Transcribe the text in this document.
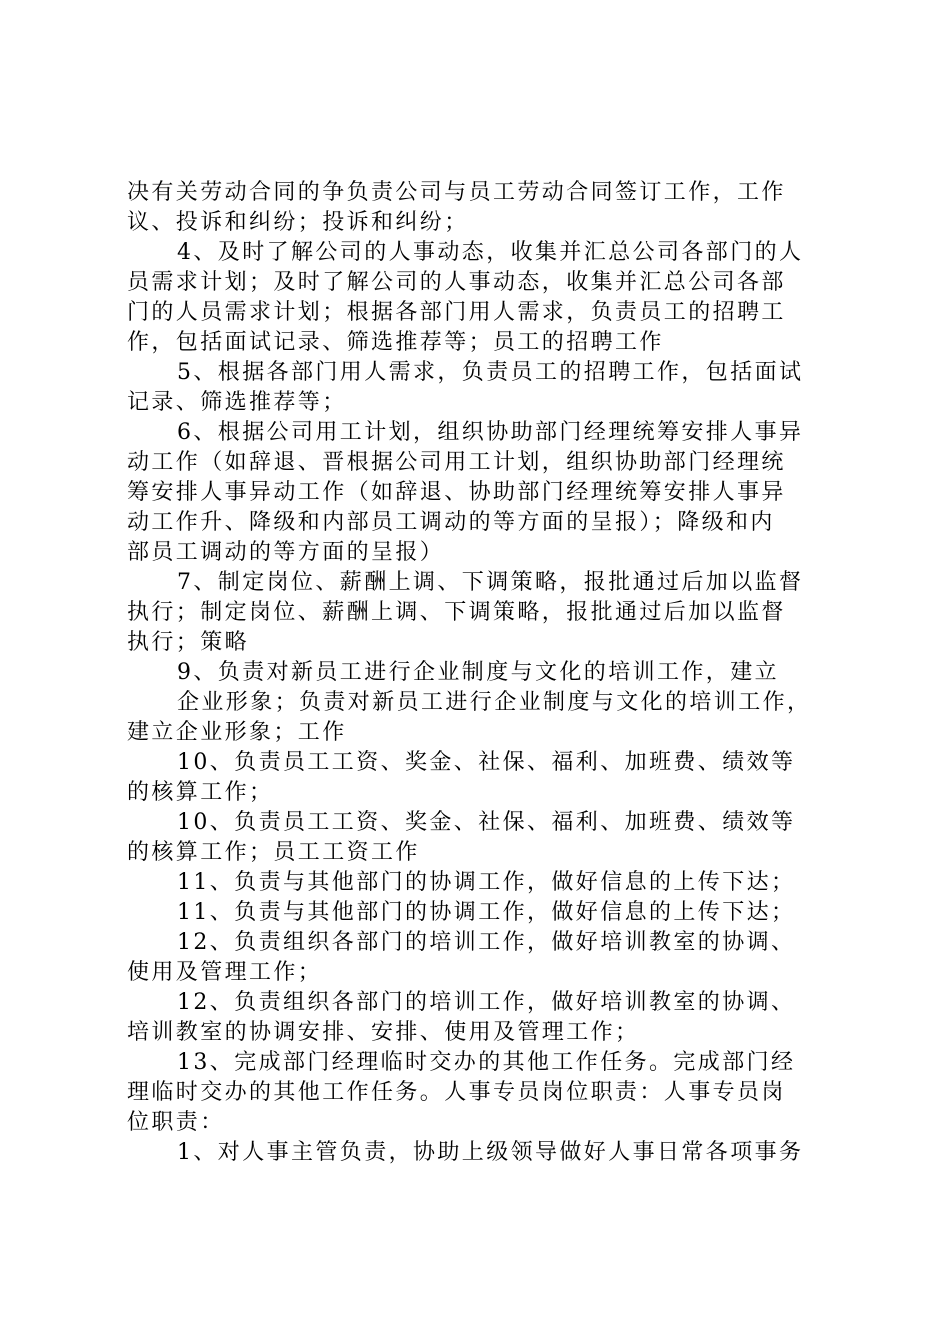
决有关劳动合同的争负责公司与员工劳动合同签订工作，工作
议、投诉和纠纷；投诉和纠纷；
4、及时了解公司的人事动态，收集并汇总公司各部门的人
员需求计划；及时了解公司的人事动态，收集并汇总公司各部
门的人员需求计划；根据各部门用人需求，负责员工的招聘工
作，包括面试记录、筛选推荐等；员工的招聘工作
5、根据各部门用人需求，负责员工的招聘工作，包括面试
记录、筛选推荐等；
6、根据公司用工计划，组织协助部门经理统筹安排人事异
动工作（如辞退、晋根据公司用工计划，组织协助部门经理统
筹安排人事异动工作（如辞退、协助部门经理统筹安排人事异
动工作升、降级和内部员工调动的等方面的呈报）；降级和内
部员工调动的等方面的呈报）
7、制定岗位、薪酬上调、下调策略，报批通过后加以监督
执行；制定岗位、薪酬上调、下调策略，报批通过后加以监督
执行；策略
9、负责对新员工进行企业制度与文化的培训工作，建立
企业形象；负责对新员工进行企业制度与文化的培训工作，
建立企业形象；工作
10、负责员工工资、奖金、社保、福利、加班费、绩效等
的核算工作；
10、负责员工工资、奖金、社保、福利、加班费、绩效等
的核算工作；员工工资工作
11、负责与其他部门的协调工作，做好信息的上传下达；
11、负责与其他部门的协调工作，做好信息的上传下达；
12、负责组织各部门的培训工作，做好培训教室的协调、
使用及管理工作；
12、负责组织各部门的培训工作，做好培训教室的协调、
培训教室的协调安排、安排、使用及管理工作；
13、完成部门经理临时交办的其他工作任务。完成部门经
理临时交办的其他工作任务。人事专员岗位职责：人事专员岗
位职责：
1、对人事主管负责，协助上级领导做好人事日常各项事务
